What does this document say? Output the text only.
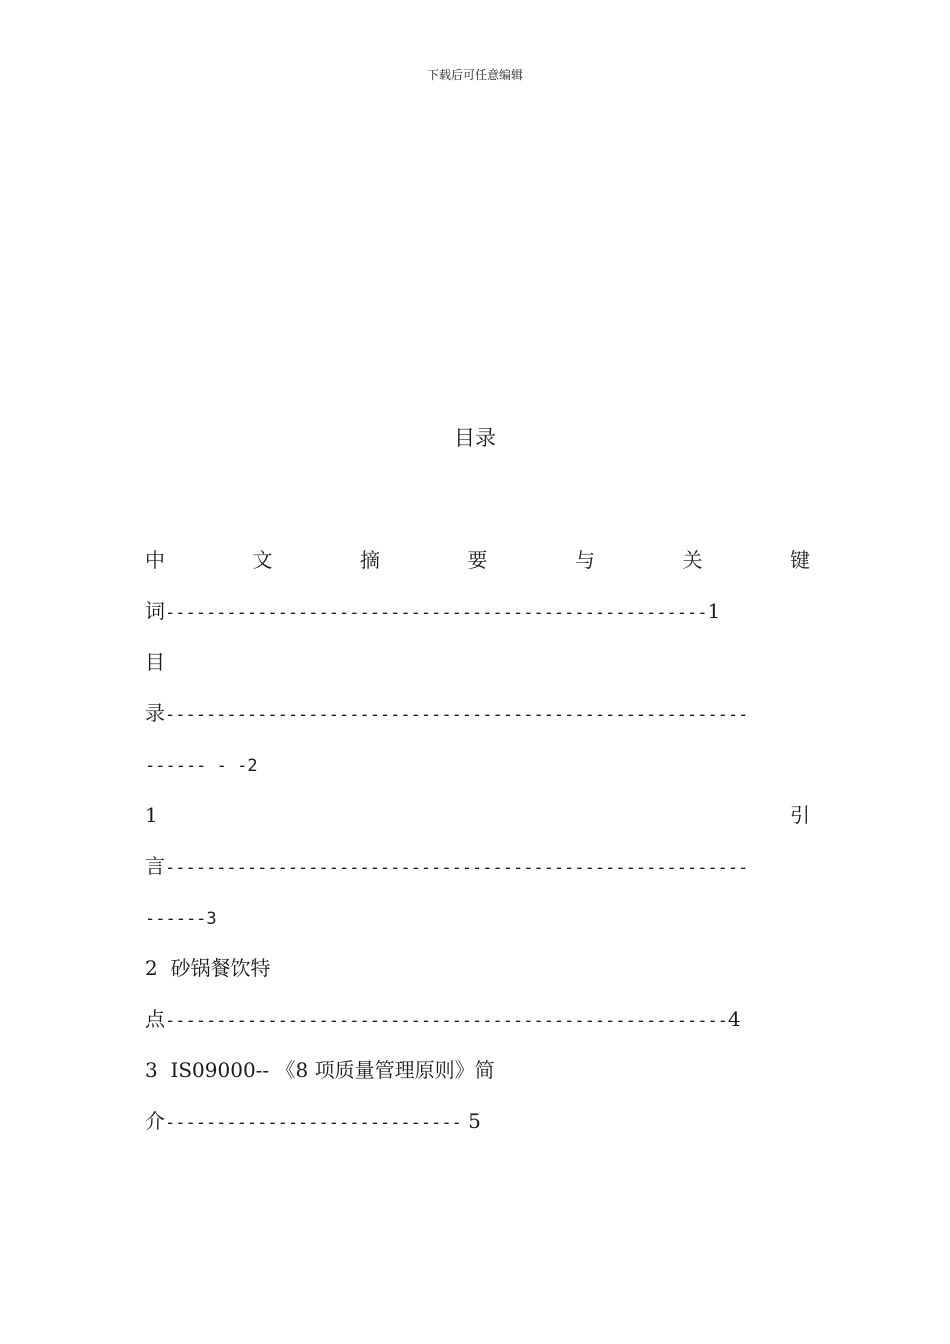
下载后可任意编辑
目录
中	文	摘	要	与	关	键
词-----------------------------------------------------1
目
录---------------------------------------------------------
------ - -2
1	引
言---------------------------------------------------------
------3
2  砂锅餐饮特
点-------------------------------------------------------4
3  IS09000-- 《8 项质量管理原则》简
介----------------------------- 5
